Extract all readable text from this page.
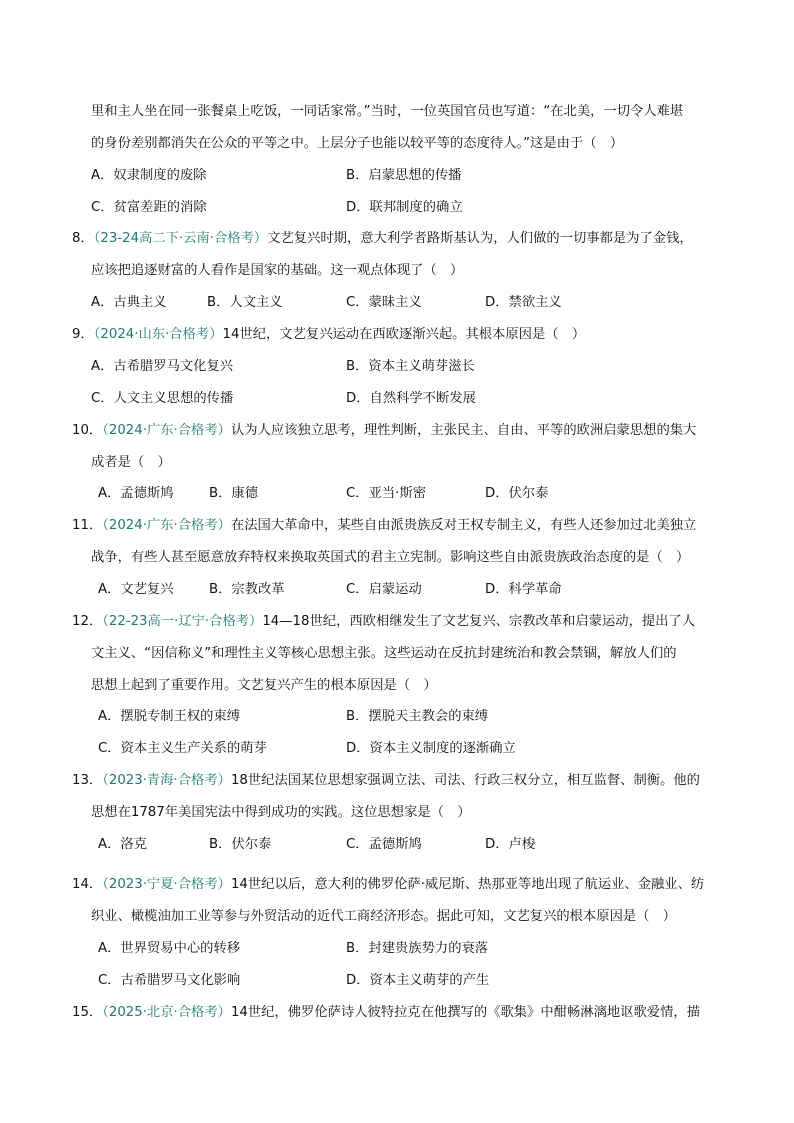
里和主人坐在同一张餐桌上吃饭，一同话家常。”当时，一位英国官员也写道：“在北美，一切令人难堪
的身份差别都消失在公众的平等之中。上层分子也能以较平等的态度待人。”这是由于（　）
A．奴隶制度的废除	B．启蒙思想的传播
C．贫富差距的消除	D．联邦制度的确立
8．（23-24高二下·云南·合格考）文艺复兴时期，意大利学者路斯基认为，人们做的一切事都是为了金钱，
应该把追逐财富的人看作是国家的基础。这一观点体现了（　）
A．古典主义	B．人文主义	C．蒙昧主义	D．禁欲主义
9．（2024·山东·合格考）14世纪，文艺复兴运动在西欧逐渐兴起。其根本原因是（　）
A．古希腊罗马文化复兴	B．资本主义萌芽滋长
C．人文主义思想的传播	D．自然科学不断发展
10．（2024·广东·合格考）认为人应该独立思考，理性判断，主张民主、自由、平等的欧洲启蒙思想的集大
成者是（　）
A．孟德斯鸠	B．康德	C．亚当·斯密	D．伏尔泰
11．（2024·广东·合格考）在法国大革命中，某些自由派贵族反对王权专制主义，有些人还参加过北美独立
战争，有些人甚至愿意放弃特权来换取英国式的君主立宪制。影响这些自由派贵族政治态度的是（　）
A．文艺复兴	B．宗教改革	C．启蒙运动	D．科学革命
12．（22-23高一·辽宁·合格考）14—18世纪，西欧相继发生了文艺复兴、宗教改革和启蒙运动，提出了人
文主义、“因信称义”和理性主义等核心思想主张。这些运动在反抗封建统治和教会禁锢，解放人们的
思想上起到了重要作用。文艺复兴产生的根本原因是（　）
A．摆脱专制王权的束缚	B．摆脱天主教会的束缚
C．资本主义生产关系的萌芽	D．资本主义制度的逐渐确立
13．（2023·青海·合格考）18世纪法国某位思想家强调立法、司法、行政三权分立，相互监督、制衡。他的
思想在1787年美国宪法中得到成功的实践。这位思想家是（　）
A．洛克	B．伏尔泰	C．孟德斯鸠	D．卢梭
14．（2023·宁夏·合格考）14世纪以后，意大利的佛罗伦萨·威尼斯、热那亚等地出现了航运业、金融业、纺
织业、橄榄油加工业等参与外贸活动的近代工商经济形态。据此可知，文艺复兴的根本原因是（　）
A．世界贸易中心的转移	B．封建贵族势力的衰落
C．古希腊罗马文化影响	D．资本主义萌芽的产生
15．（2025·北京·合格考）14世纪，佛罗伦萨诗人彼特拉克在他撰写的《歌集》中酣畅淋漓地讴歌爱情，描
